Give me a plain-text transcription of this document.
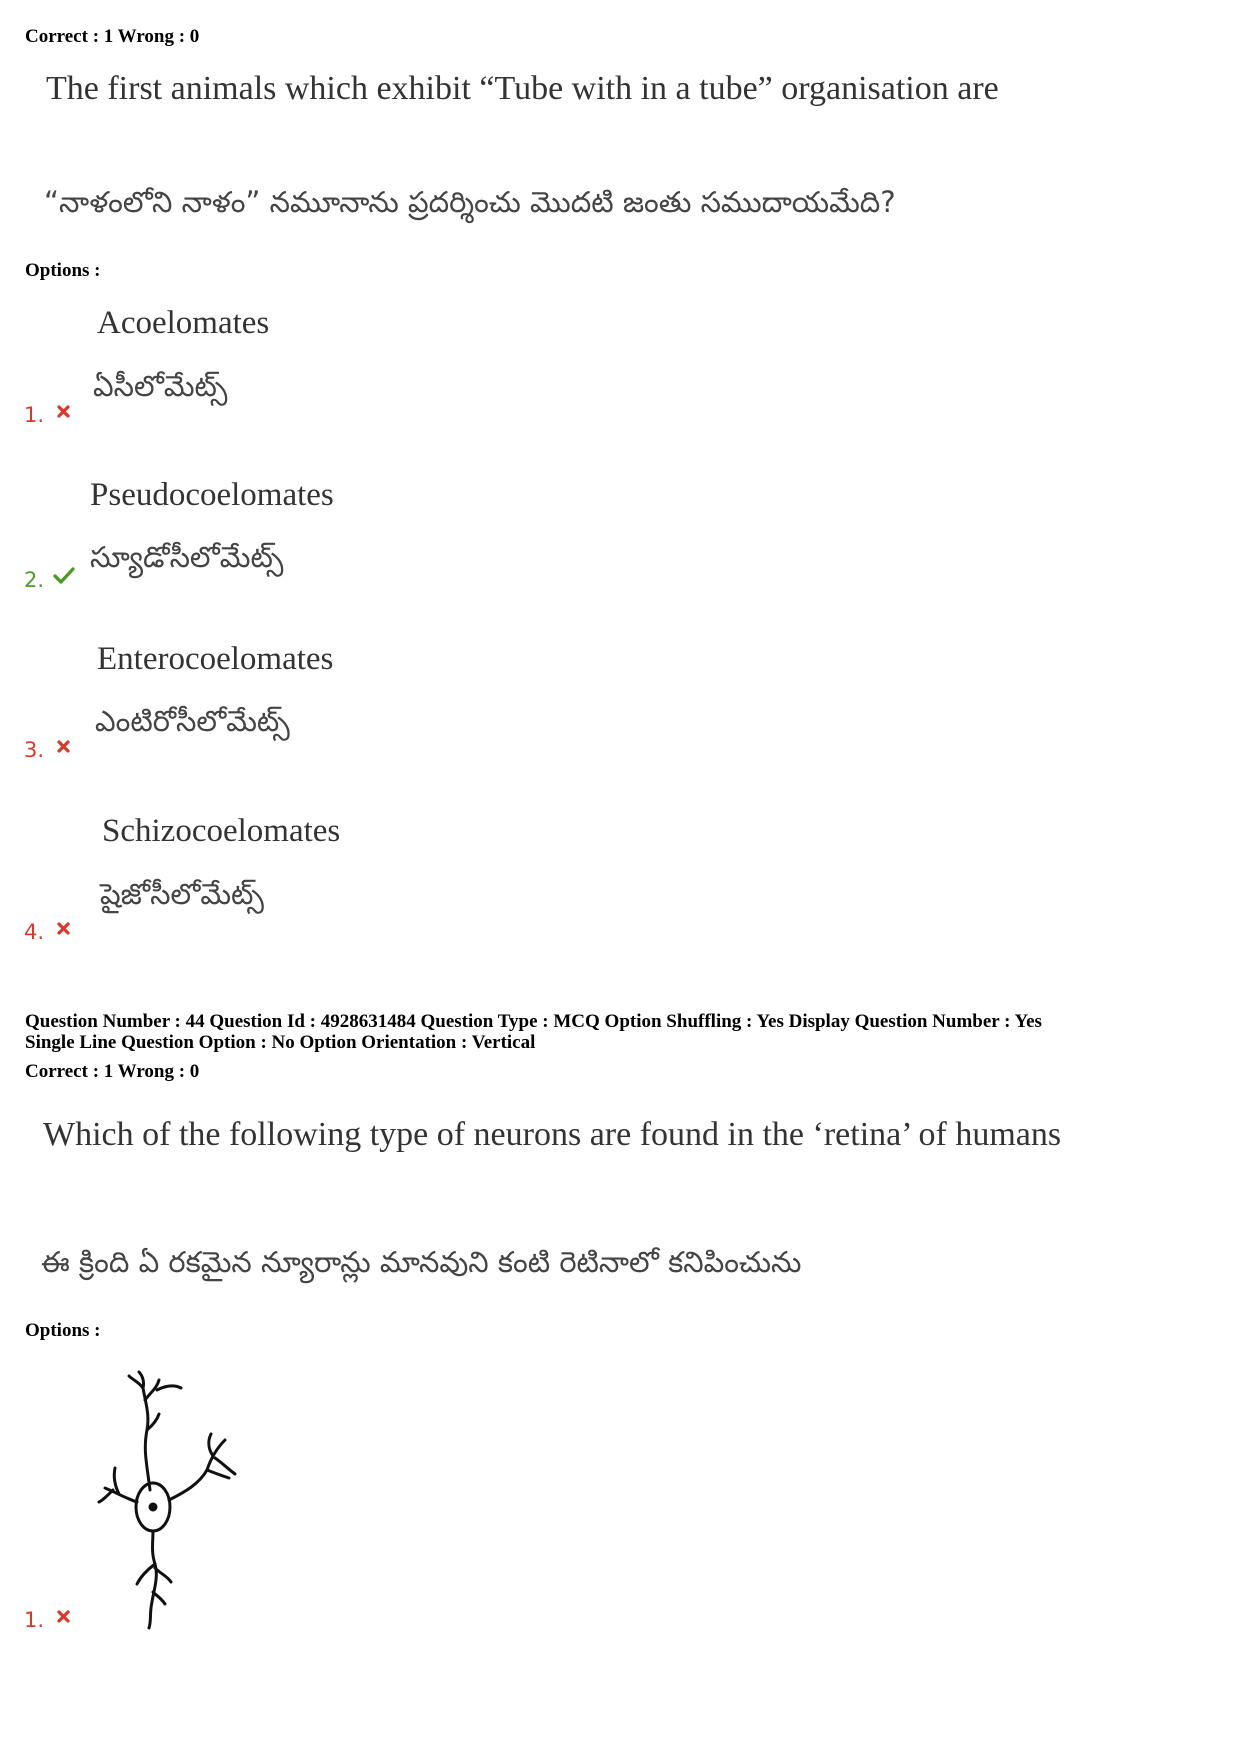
Correct : 1 Wrong : 0
The first animals which exhibit “Tube with in a tube” organisation are
“నాళంలోని నాళం” నమూనాను ప్రదర్శించు మొదటి జంతు సముదాయమేది?
Options :
Acoelomates
ఏసీలోమేట్స్
1.
Pseudocoelomates
స్యూడోసీలోమేట్స్
2.
Enterocoelomates
ఎంటిరోసీలోమేట్స్
3.
Schizocoelomates
షైజోసీలోమేట్స్
4.
Question Number : 44 Question Id : 4928631484 Question Type : MCQ Option Shuffling : Yes Display Question Number : Yes
Single Line Question Option : No Option Orientation : Vertical
Correct : 1 Wrong : 0
Which of the following type of neurons are found in the ‘retina’ of humans
ఈ క్రింది ఏ రకమైన న్యూరాన్లు మానవుని కంటి రెటినాలో కనిపించును
Options :
1.
